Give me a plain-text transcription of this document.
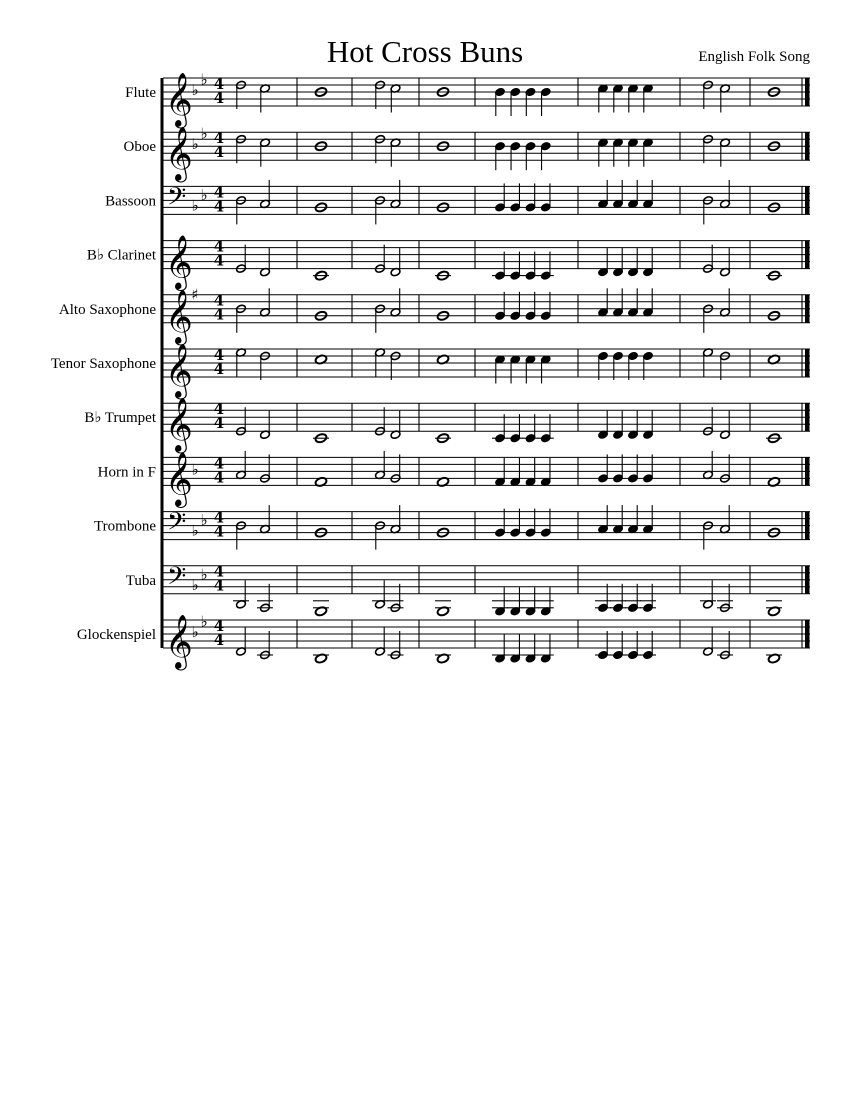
Hot Cross Buns	English Folk Song
Flute 𝄞
♭
♭ 4
4
Oboe 𝄞
♭
♭ 4
4
Bassoon 𝄢 ♭
♭ 4
4
B♭ Clarinet 𝄞 4
4
Alto Saxophone 𝄞
♯ 4
4
Tenor Saxophone 𝄞 4
4
B♭ Trumpet 𝄞 4
4
Horn in F 𝄞
♭ 4
4
Trombone 𝄢 ♭
♭ 4
4
Tuba 𝄢 ♭
♭ 4
4
Glockenspiel 𝄞
♭
♭ 4
4
